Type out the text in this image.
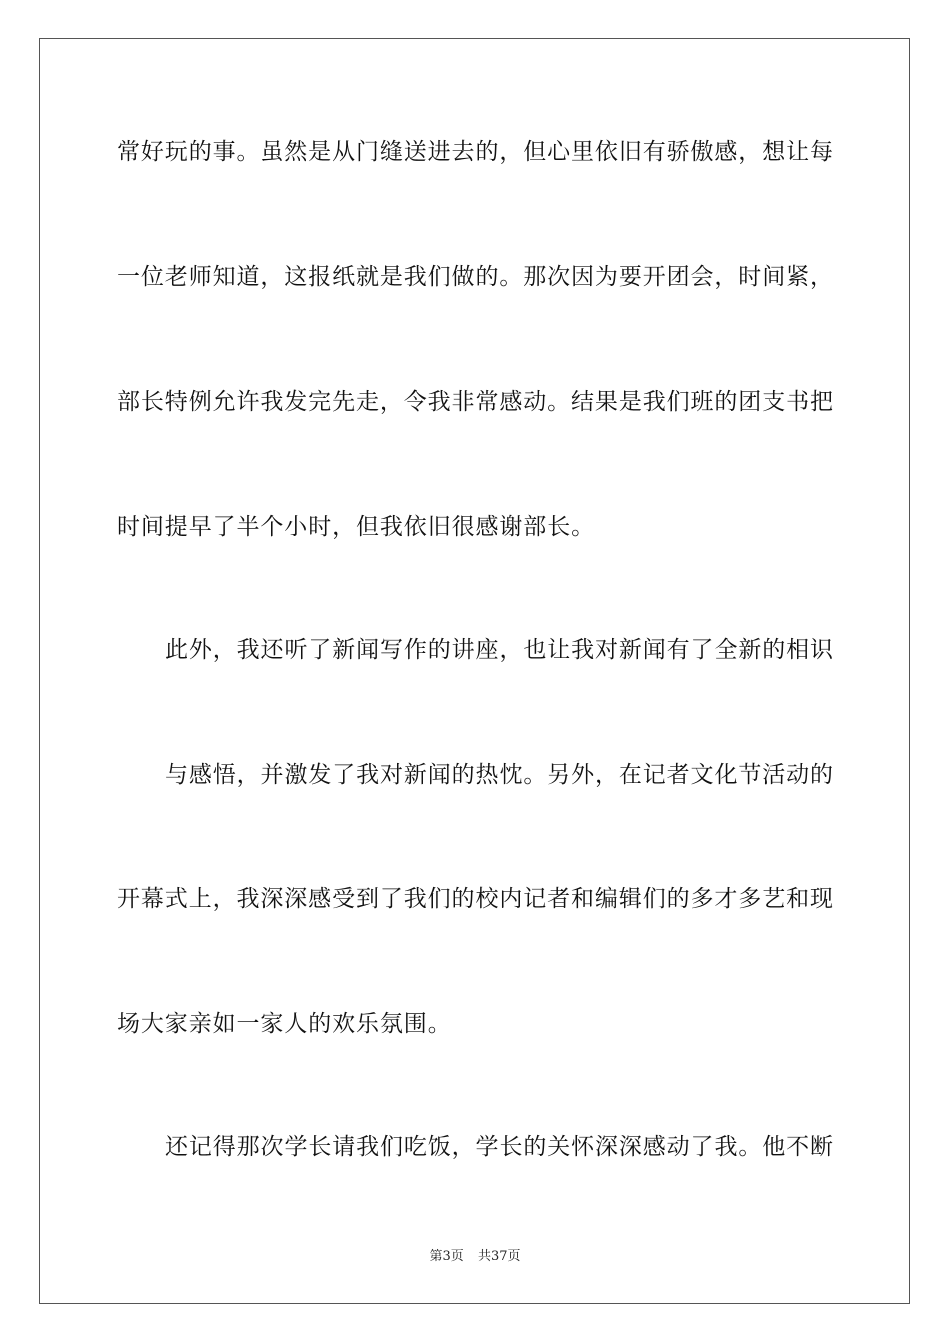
常好玩的事。虽然是从门缝送进去的，但心里依旧有骄傲感，想让每
一位老师知道，这报纸就是我们做的。那次因为要开团会，时间紧，
部长特例允许我发完先走，令我非常感动。结果是我们班的团支书把
时间提早了半个小时，但我依旧很感谢部长。
此外，我还听了新闻写作的讲座，也让我对新闻有了全新的相识
与感悟，并激发了我对新闻的热忱。另外，在记者文化节活动的
开幕式上，我深深感受到了我们的校内记者和编辑们的多才多艺和现
场大家亲如一家人的欢乐氛围。
还记得那次学长请我们吃饭，学长的关怀深深感动了我。他不断
第3页 共37页
